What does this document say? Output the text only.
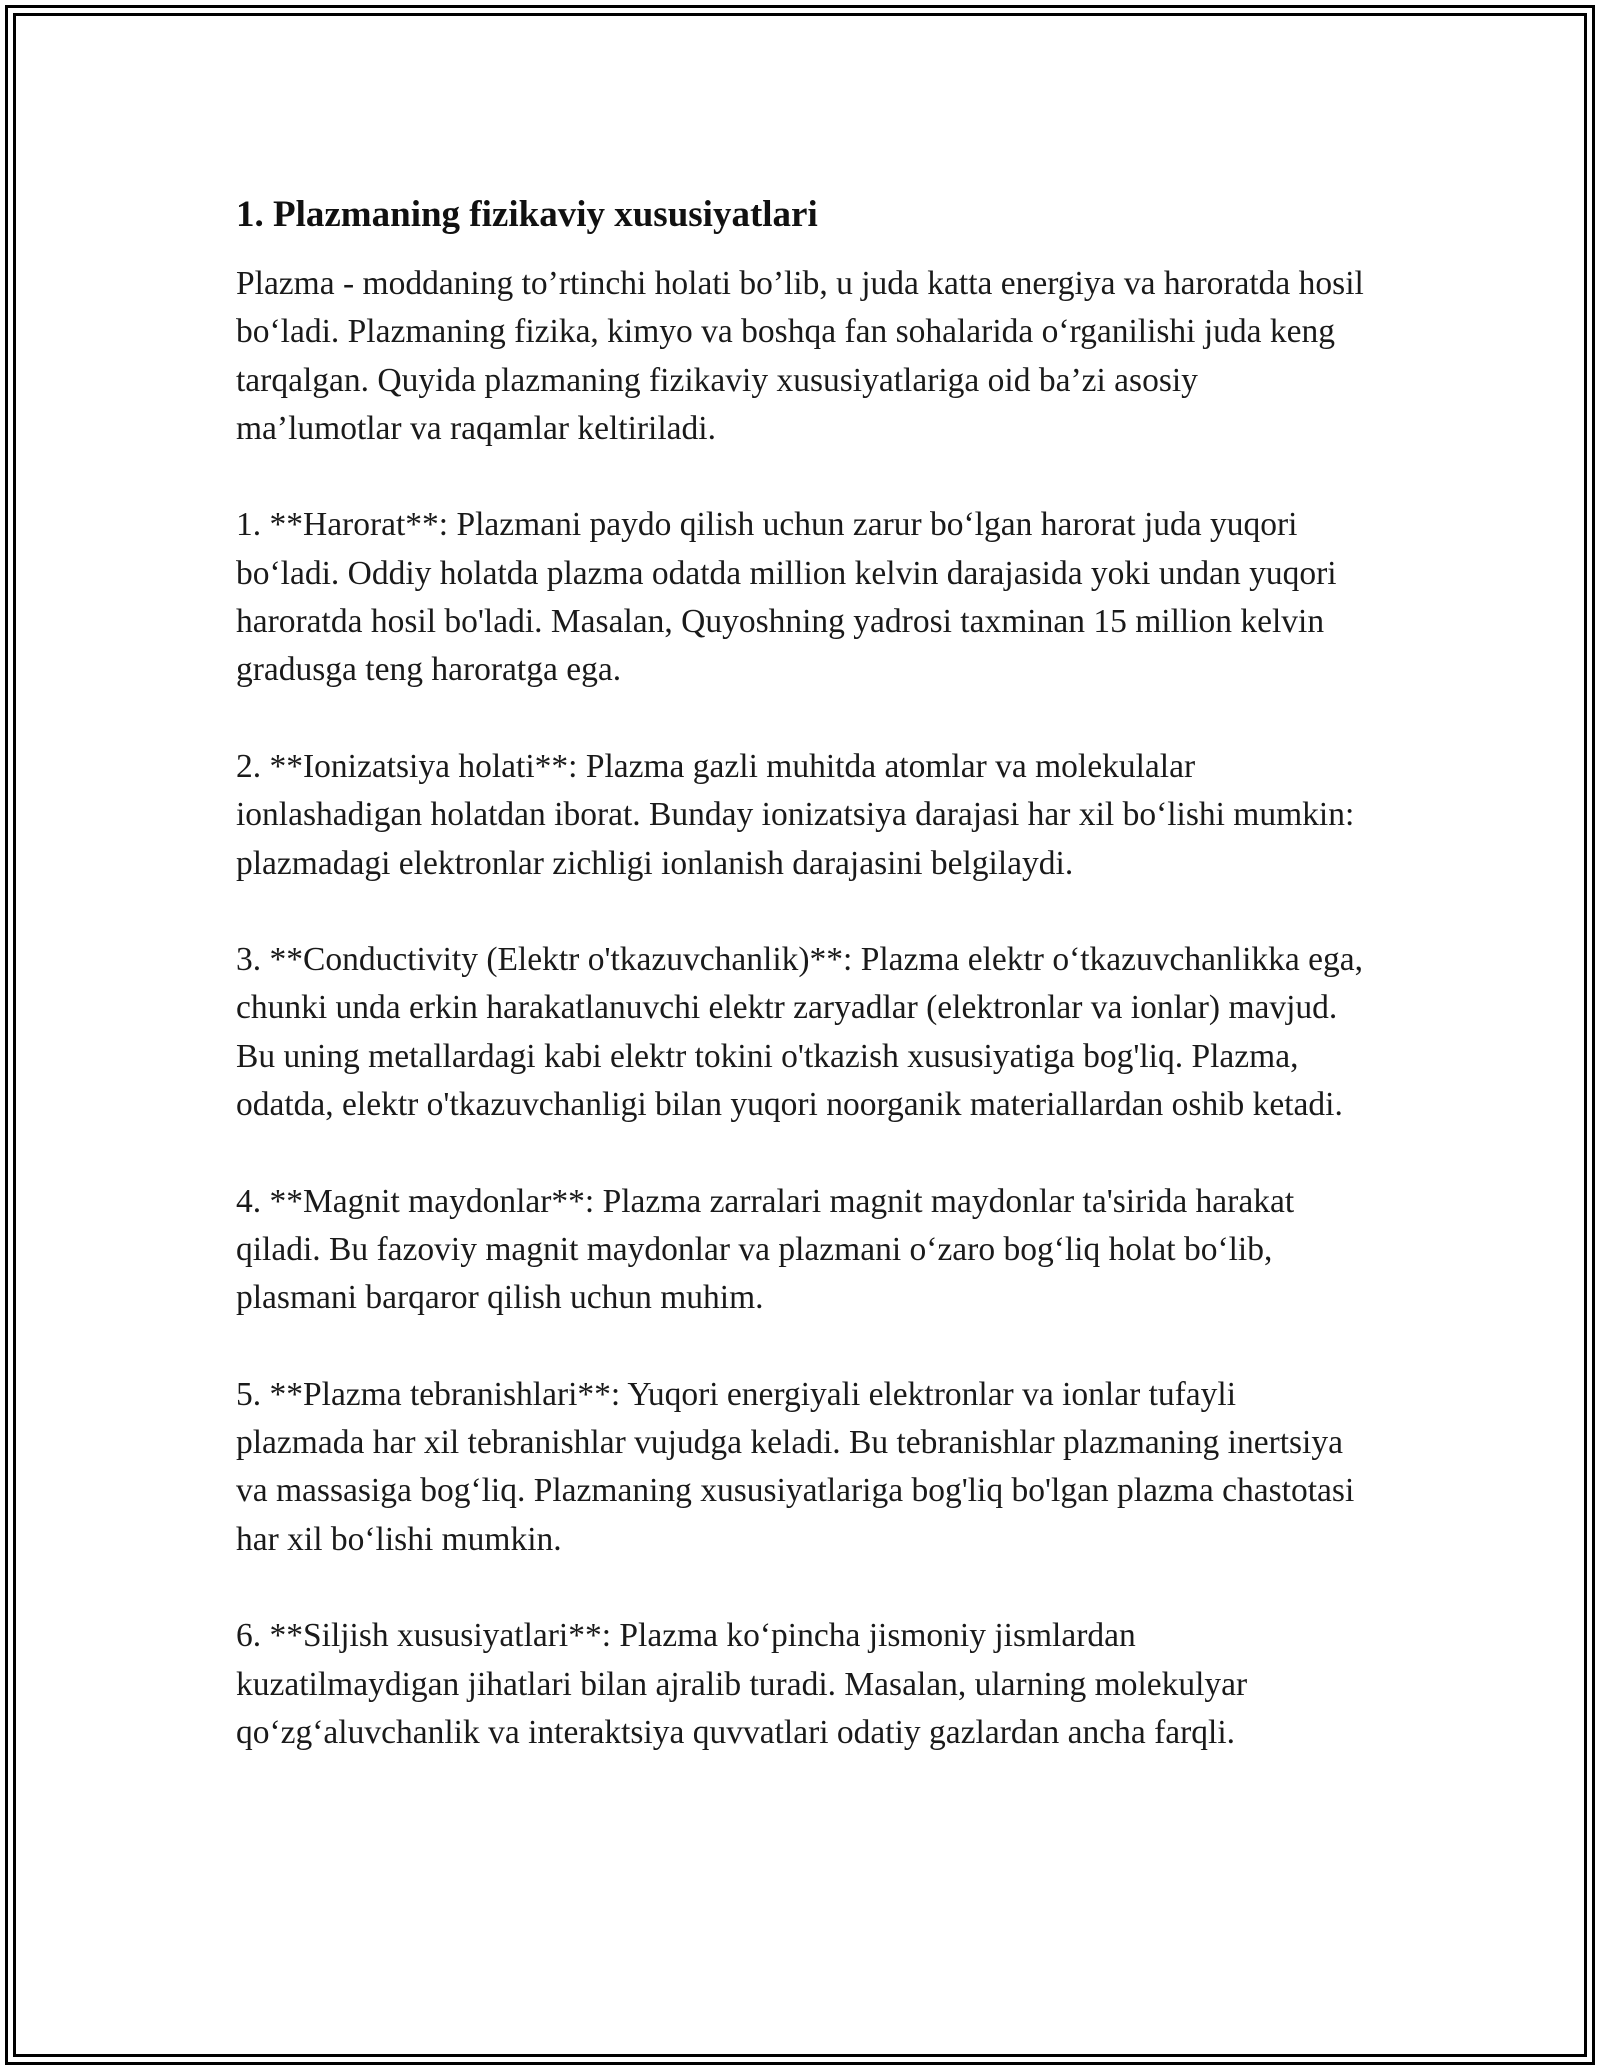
1. Plazmaning fizikaviy xususiyatlari

Plazma - moddaning to’rtinchi holati bo’lib, u juda katta energiya va haroratda hosil bo‘ladi. Plazmaning fizika, kimyo va boshqa fan sohalarida o‘rganilishi juda keng tarqalgan. Quyida plazmaning fizikaviy xususiyatlariga oid ba’zi asosiy ma’lumotlar va raqamlar keltiriladi.

1. **Harorat**: Plazmani paydo qilish uchun zarur bo‘lgan harorat juda yuqori bo‘ladi. Oddiy holatda plazma odatda million kelvin darajasida yoki undan yuqori haroratda hosil bo'ladi. Masalan, Quyoshning yadrosi taxminan 15 million kelvin gradusga teng haroratga ega.

2. **Ionizatsiya holati**: Plazma gazli muhitda atomlar va molekulalar ionlashadigan holatdan iborat. Bunday ionizatsiya darajasi har xil bo‘lishi mumkin: plazmadagi elektronlar zichligi ionlanish darajasini belgilaydi.

3. **Conductivity (Elektr o'tkazuvchanlik)**: Plazma elektr o‘tkazuvchanlikka ega, chunki unda erkin harakatlanuvchi elektr zaryadlar (elektronlar va ionlar) mavjud. Bu uning metallardagi kabi elektr tokini o'tkazish xususiyatiga bog'liq. Plazma, odatda, elektr o'tkazuvchanligi bilan yuqori noorganik materiallardan oshib ketadi.

4. **Magnit maydonlar**: Plazma zarralari magnit maydonlar ta'sirida harakat qiladi. Bu fazoviy magnit maydonlar va plazmani o‘zaro bog‘liq holat bo‘lib, plasmani barqaror qilish uchun muhim.

5. **Plazma tebranishlari**: Yuqori energiyali elektronlar va ionlar tufayli plazmada har xil tebranishlar vujudga keladi. Bu tebranishlar plazmaning inertsiya va massasiga bog‘liq. Plazmaning xususiyatlariga bog'liq bo'lgan plazma chastotasi har xil bo‘lishi mumkin.

6. **Siljish xususiyatlari**: Plazma ko‘pincha jismoniy jismlardan kuzatilmaydigan jihatlari bilan ajralib turadi. Masalan, ularning molekulyar qo‘zg‘aluvchanlik va interaktsiya quvvatlari odatiy gazlardan ancha farqli.
